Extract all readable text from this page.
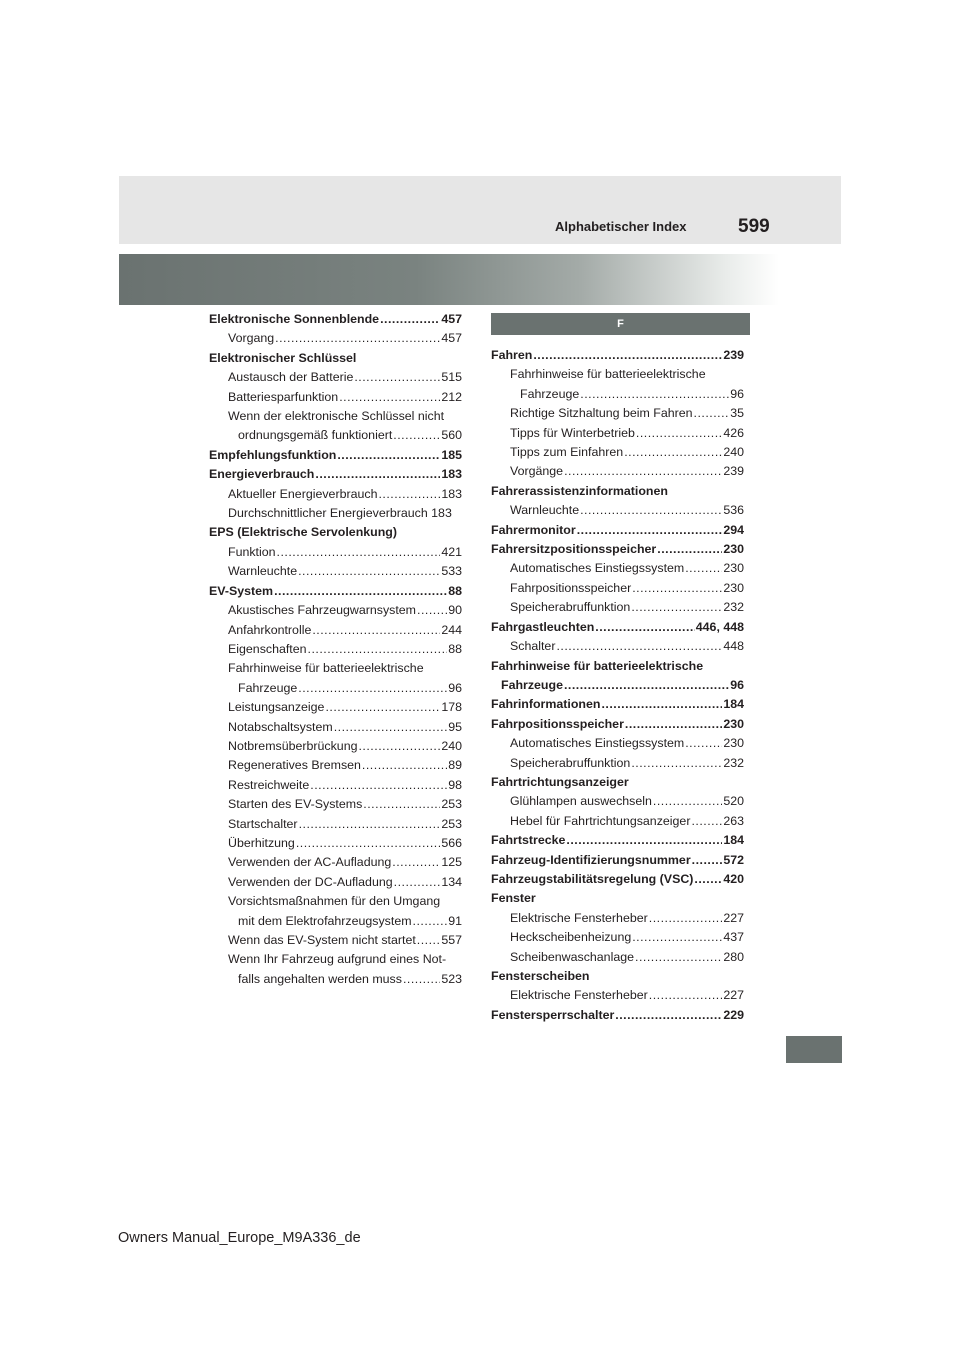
Alphabetischer Index	599
Elektronische Sonnenblende .....	457
Vorgang .....	457
Elektronischer Schlüssel
Austausch der Batterie .....	515
Batteriesparfunktion .....	212
Wenn der elektronische Schlüssel nicht
ordnungsgemäß funktioniert .....	560
Empfehlungsfunktion .....	185
Energieverbrauch .....	183
Aktueller Energieverbrauch .....	183
Durchschnittlicher Energieverbrauch 183
EPS (Elektrische Servolenkung)
Funktion .....	421
Warnleuchte .....	533
EV-System .....	88
Akustisches Fahrzeugwarnsystem .....	90
Anfahrkontrolle .....	244
Eigenschaften .....	88
Fahrhinweise für batterieelektrische
Fahrzeuge .....	96
Leistungsanzeige .....	178
Notabschaltsystem .....	95
Notbremsüberbrückung .....	240
Regeneratives Bremsen .....	89
Restreichweite .....	98
Starten des EV-Systems .....	253
Startschalter .....	253
Überhitzung .....	566
Verwenden der AC-Aufladung .....	125
Verwenden der DC-Aufladung .....	134
Vorsichtsmaßnahmen für den Umgang
mit dem Elektrofahrzeugsystem .....	91
Wenn das EV-System nicht startet ..... 557
Wenn Ihr Fahrzeug aufgrund eines Not-
falls angehalten werden muss .....	523
F
Fahren .....	239
Fahrhinweise für batterieelektrische
Fahrzeuge .....	96
Richtige Sitzhaltung beim Fahren .....	35
Tipps für Winterbetrieb .....	426
Tipps zum Einfahren .....	240
Vorgänge .....	239
Fahrerassistenzinformationen
Warnleuchte .....	536
Fahrermonitor .....	294
Fahrersitzpositionsspeicher .....	230
Automatisches Einstiegssystem .....	230
Fahrpositionsspeicher .....	230
Speicherabruffunktion .....	232
Fahrgastleuchten .....	446, 448
Schalter .....	448
Fahrhinweise für batterieelektrische
Fahrzeuge .....	96
Fahrinformationen .....	184
Fahrpositionsspeicher .....	230
Automatisches Einstiegssystem .....	230
Speicherabruffunktion .....	232
Fahrtrichtungsanzeiger
Glühlampen auswechseln .....	520
Hebel für Fahrtrichtungsanzeiger .....	263
Fahrtstrecke .....	184
Fahrzeug-Identifizierungsnummer .....	572
Fahrzeugstabilitätsregelung (VSC) ..... 420
Fenster
Elektrische Fensterheber .....	227
Heckscheibenheizung .....	437
Scheibenwaschanlage .....	280
Fensterscheiben
Elektrische Fensterheber .....	227
Fenstersperrschalter .....	229
Owners Manual_Europe_M9A336_de
